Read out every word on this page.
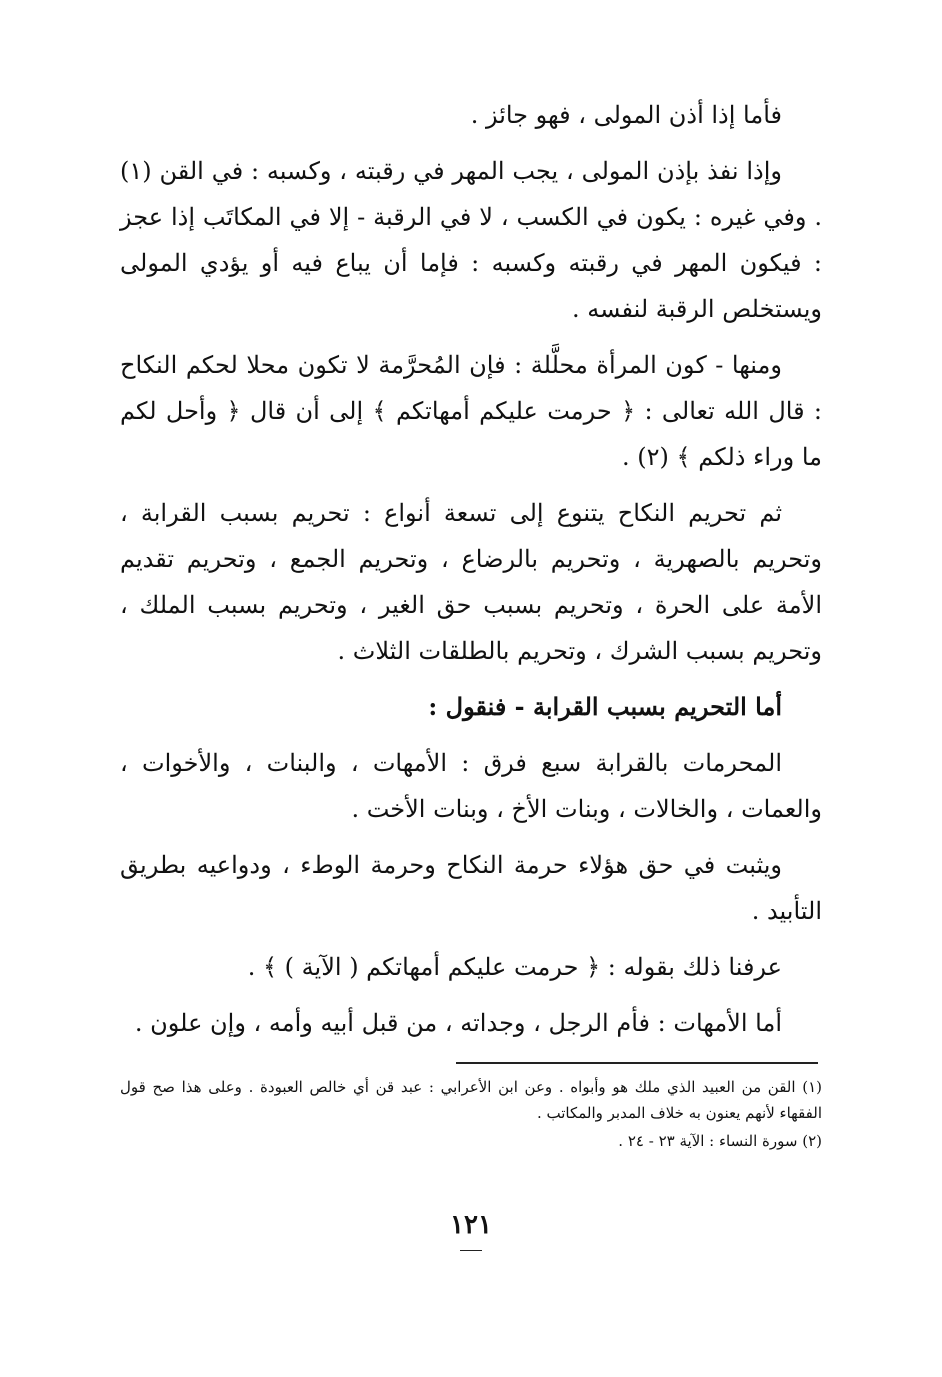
فأما إذا أذن المولى ، فهو جائز .

وإذا نفذ بإذن المولى ، يجب المهر في رقبته ، وكسبه : في القن (١) . وفي غيره : يكون في الكسب ، لا في الرقبة - إلا في المكاتَب إذا عجز : فيكون المهر في رقبته وكسبه : فإما أن يباع فيه أو يؤدي المولى ويستخلص الرقبة لنفسه .

ومنها - كون المرأة محلَّلة : فإن المُحرَّمة لا تكون محلا لحكم النكاح : قال الله تعالى : ﴿ حرمت عليكم أمهاتكم ﴾ إلى أن قال ﴿ وأحل لكم ما وراء ذلكم ﴾ (٢) .

ثم تحريم النكاح يتنوع إلى تسعة أنواع : تحريم بسبب القرابة ، وتحريم بالصهرية ، وتحريم بالرضاع ، وتحريم الجمع ، وتحريم تقديم الأمة على الحرة ، وتحريم بسبب حق الغير ، وتحريم بسبب الملك ، وتحريم بسبب الشرك ، وتحريم بالطلقات الثلاث .

أما التحريم بسبب القرابة - فنقول :

المحرمات بالقرابة سبع فرق : الأمهات ، والبنات ، والأخوات ، والعمات ، والخالات ، وبنات الأخ ، وبنات الأخت .

ويثبت في حق هؤلاء حرمة النكاح وحرمة الوطء ، ودواعيه بطريق التأبيد .

عرفنا ذلك بقوله : ﴿ حرمت عليكم أمهاتكم ( الآية ) ﴾ .

أما الأمهات : فأم الرجل ، وجداته ، من قبل أبيه وأمه ، وإن علون .

(١) القن من العبيد الذي ملك هو وأبواه . وعن ابن الأعرابي : عبد قن أي خالص العبودة . وعلى هذا صح قول الفقهاء لأنهم يعنون به خلاف المدبر والمكاتب .

(٢) سورة النساء : الآية ٢٣ - ٢٤ .

١٢١
